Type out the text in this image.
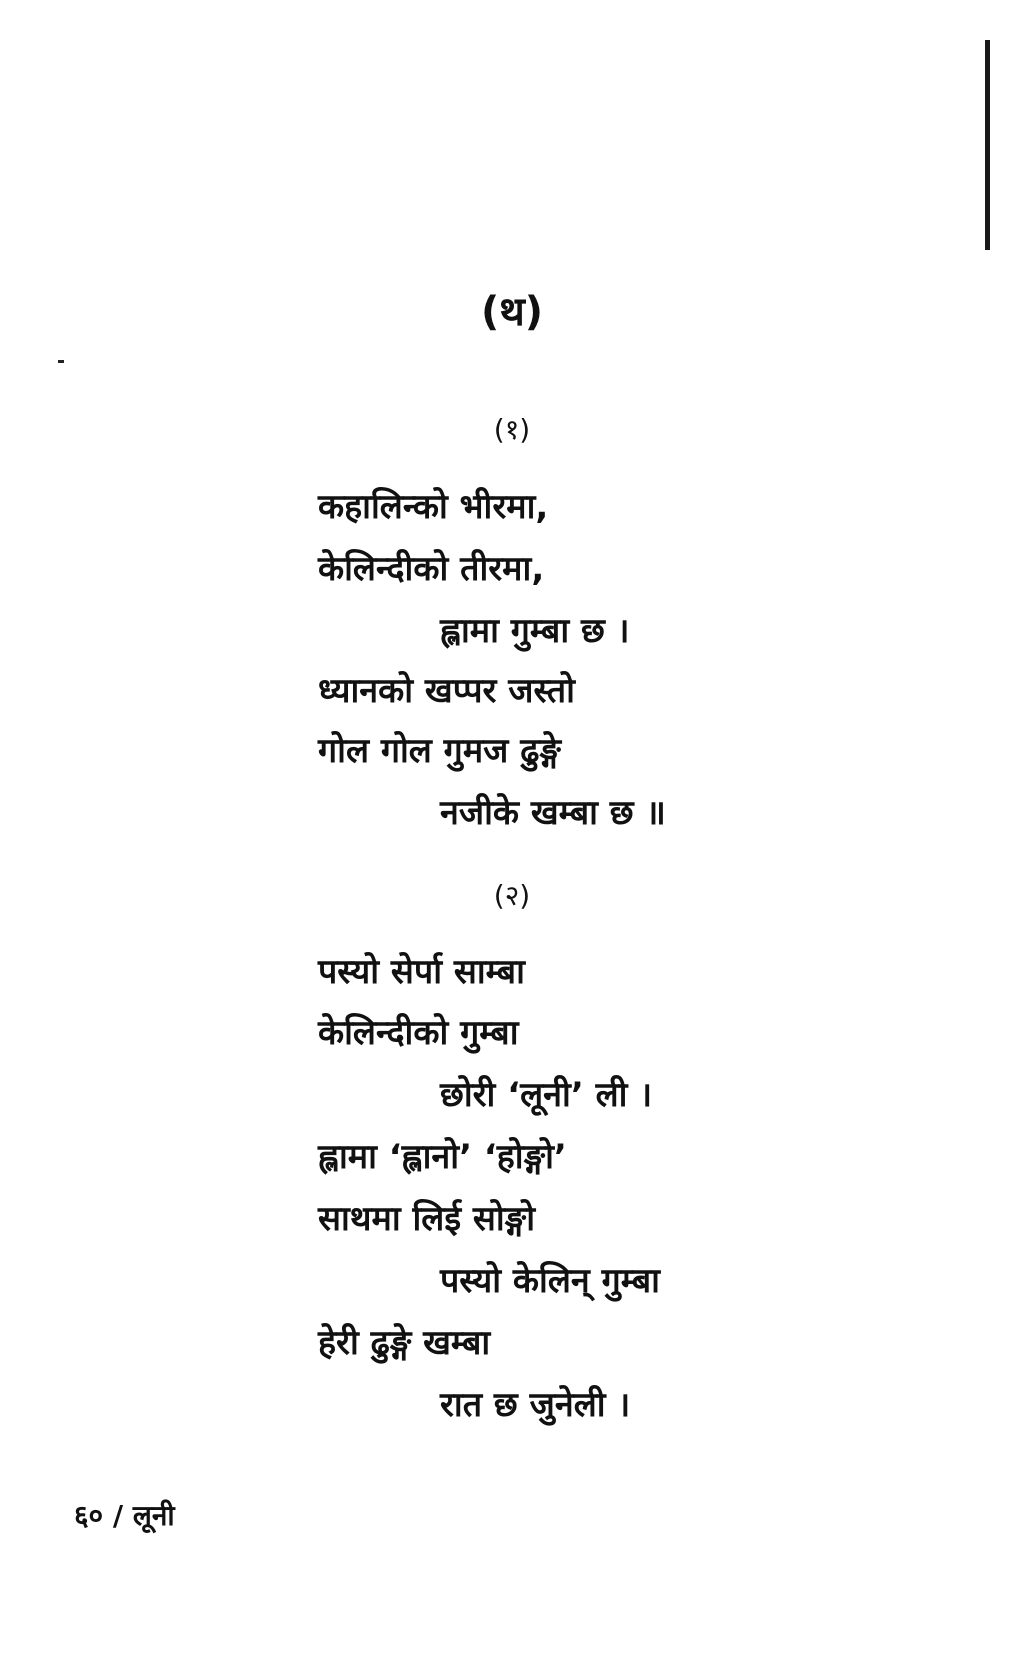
(थ)
(१)
कहालिन्को भीरमा,
केलिन्दीको तीरमा,
ह्लामा गुम्बा छ ।
ध्यानको खप्पर जस्तो
गोल गोल गुमज ढुङ्गे
नजीके खम्बा छ ॥
(२)
पस्यो सेर्पा साम्बा
केलिन्दीको गुम्बा
छोरी ‘लूनी’ ली ।
ह्लामा ‘ह्लानो’ ‘होङ्गो’
साथमा लिई सोङ्गो
पस्यो केलिन् गुम्बा
हेरी ढुङ्गे खम्बा
रात छ जुनेली ।
६० / लूनी
